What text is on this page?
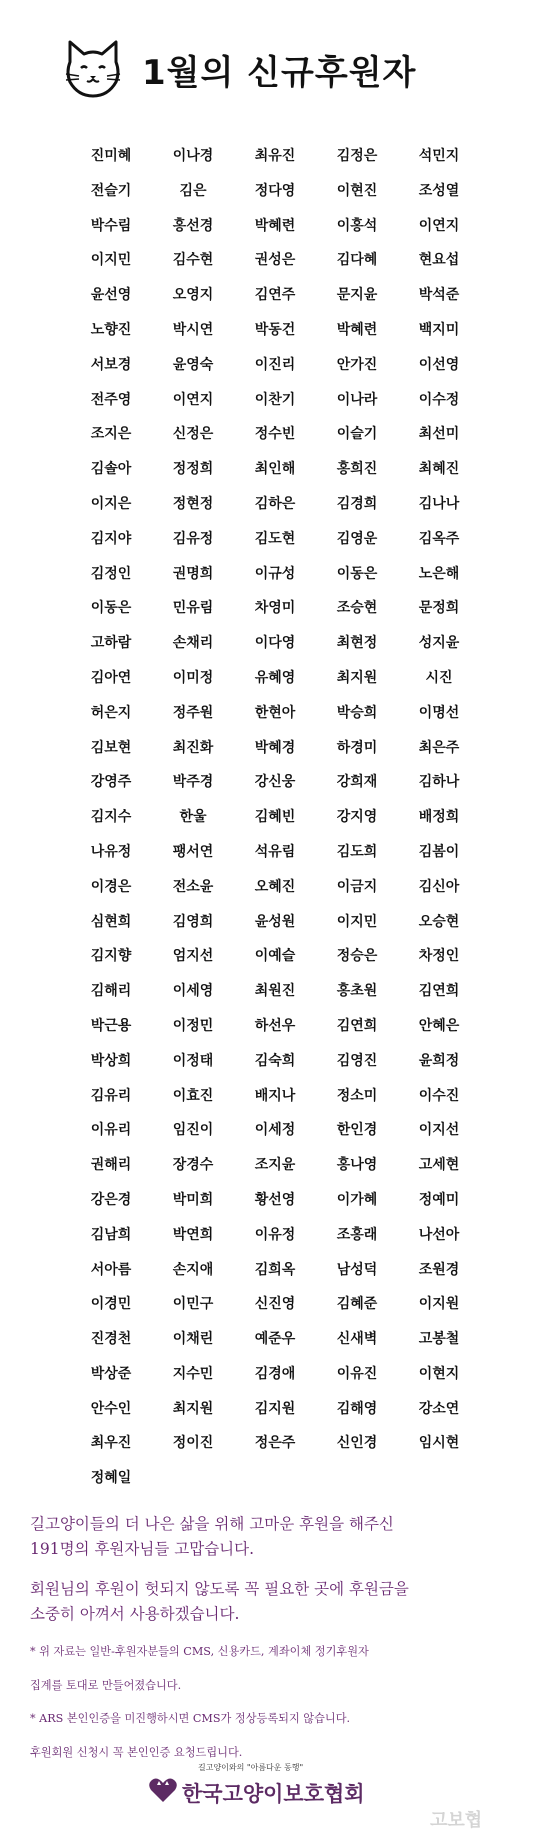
1월의 신규후원자
진미혜	이나경	최유진	김정은	석민지
전슬기	김은	정다영	이현진	조성열
박수림	홍선경	박혜련	이홍석	이연지
이지민	김수현	권성은	김다혜	현요섭
윤선영	오영지	김연주	문지윤	박석준
노향진	박시연	박동건	박혜련	백지미
서보경	윤영숙	이진리	안가진	이선영
전주영	이연지	이찬기	이나라	이수정
조지은	신정은	정수빈	이슬기	최선미
김솔아	정정희	최인해	홍희진	최혜진
이지은	정현정	김하은	김경희	김나나
김지야	김유정	김도현	김영운	김옥주
김정인	권명희	이규성	이동은	노은해
이동은	민유림	차영미	조승현	문정희
고하람	손채리	이다영	최현정	성지윤
김아연	이미정	유혜영	최지원	시진
허은지	정주원	한현아	박승희	이명선
김보현	최진화	박혜경	하경미	최은주
강영주	박주경	강신웅	강희재	김하나
김지수	한울	김혜빈	강지영	배정희
나유정	팽서연	석유림	김도희	김봄이
이경은	전소윤	오혜진	이금지	김신아
심현희	김영희	윤성원	이지민	오승현
김지향	엄지선	이예슬	정승은	차정인
김해리	이세영	최원진	홍초원	김연희
박근용	이정민	하선우	김연희	안혜은
박상희	이정태	김숙희	김영진	윤희정
김유리	이효진	배지나	정소미	이수진
이유리	임진이	이세정	한인경	이지선
권해리	장경수	조지윤	홍나영	고세현
강은경	박미희	황선영	이가혜	정예미
김남희	박연희	이유정	조홍래	나선아
서아름	손지애	김희옥	남성덕	조원경
이경민	이민구	신진영	김혜준	이지원
진경천	이채린	예준우	신새벽	고봉철
박상준	지수민	김경애	이유진	이현지
안수인	최지원	김지원	김해영	강소연
최우진	정이진	정은주	신인경	임시현
정혜일

길고양이들의 더 나은 삶을 위해 고마운 후원을 해주신

191명의 후원자님들 고맙습니다.

회원님의 후원이 헛되지 않도록 꼭 필요한 곳에 후원금을

소중히 아껴서 사용하겠습니다.

* 위 자료는 일반-후원자분들의 CMS, 신용카드, 계좌이체 정기후원자

집계를 토대로 만들어졌습니다.

* ARS 본인인증을 미진행하시면 CMS가 정상등록되지 않습니다.

후원회원 신청시 꼭 본인인증 요청드립니다.

길고양이와의 "아름다운 동행"
한국고양이보호협회
고보협
